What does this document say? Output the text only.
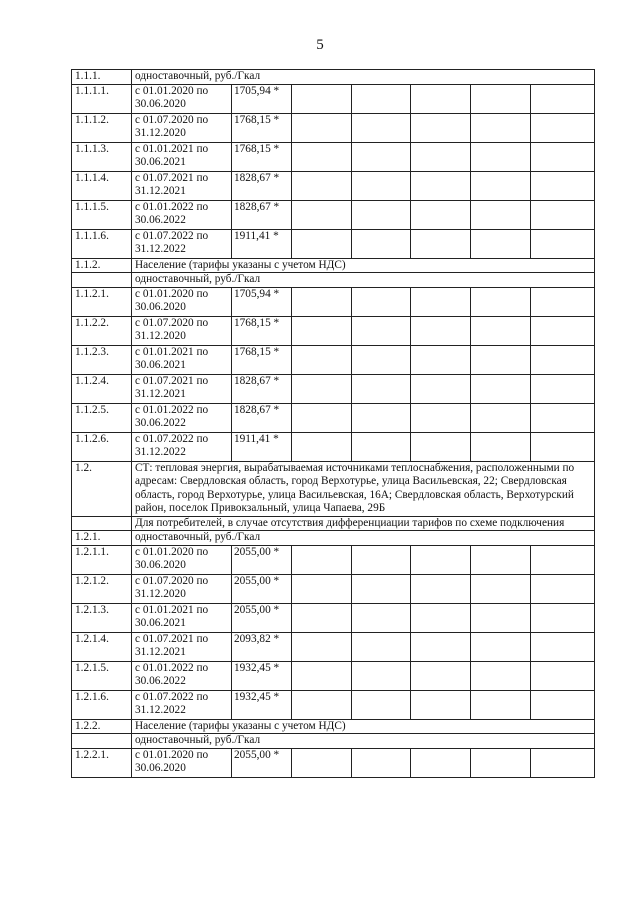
5
1.1.1.	одноставочный, руб./Гкал						
1.1.1.1.	с 01.01.2020 по 30.06.2020	1705,94 *					
1.1.1.2.	с 01.07.2020 по 31.12.2020	1768,15 *					
1.1.1.3.	с 01.01.2021 по 30.06.2021	1768,15 *					
1.1.1.4.	с 01.07.2021 по 31.12.2021	1828,67 *					
1.1.1.5.	с 01.01.2022 по 30.06.2022	1828,67 *					
1.1.1.6.	с 01.07.2022 по 31.12.2022	1911,41 *					
1.1.2.	Население (тарифы указаны с учетом НДС)						
	одноставочный, руб./Гкал						
1.1.2.1.	с 01.01.2020 по 30.06.2020	1705,94 *					
1.1.2.2.	с 01.07.2020 по 31.12.2020	1768,15 *					
1.1.2.3.	с 01.01.2021 по 30.06.2021	1768,15 *					
1.1.2.4.	с 01.07.2021 по 31.12.2021	1828,67 *					
1.1.2.5.	с 01.01.2022 по 30.06.2022	1828,67 *					
1.1.2.6.	с 01.07.2022 по 31.12.2022	1911,41 *					
1.2.	СТ: тепловая энергия, вырабатываемая источниками теплоснабжения, расположенными по адресам: Свердловская область, город Верхотурье, улица Васильевская, 22; Свердловская область, город Верхотурье, улица Васильевская, 16А; Свердловская область, Верхотурский район, поселок Привокзальный, улица Чапаева, 29Б						
	Для потребителей, в случае отсутствия дифференциации тарифов по схеме подключения						
1.2.1.	одноставочный, руб./Гкал						
1.2.1.1.	с 01.01.2020 по 30.06.2020	2055,00 *					
1.2.1.2.	с 01.07.2020 по 31.12.2020	2055,00 *					
1.2.1.3.	с 01.01.2021 по 30.06.2021	2055,00 *					
1.2.1.4.	с 01.07.2021 по 31.12.2021	2093,82 *					
1.2.1.5.	с 01.01.2022 по 30.06.2022	1932,45 *					
1.2.1.6.	с 01.07.2022 по 31.12.2022	1932,45 *					
1.2.2.	Население (тарифы указаны с учетом НДС)						
	одноставочный, руб./Гкал						
1.2.2.1.	с 01.01.2020 по 30.06.2020	2055,00 *					
